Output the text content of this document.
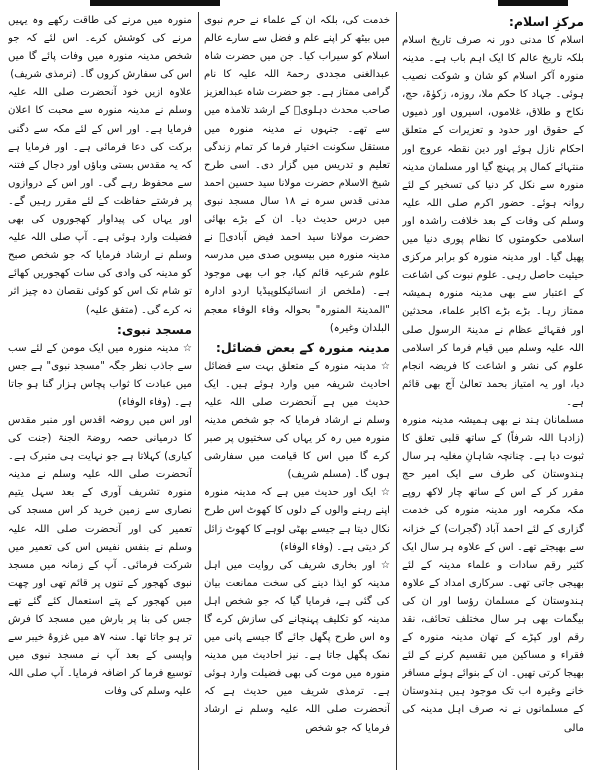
مرکزِ اسلام:

اسلام کا مدنی دور نہ صرف تاریخ اسلام بلکہ تاریخ عالم کا ایک اہم باب ہے۔ مدینہ منورہ آکر اسلام کو شان و شوکت نصیب ہوئی۔ جہاد کا حکم ملا، روزہ، زکوٰۃ، حج، نکاح و طلاق، غلاموں، اسیروں اور ذمیوں کے حقوق اور حدود و تعزیرات کے متعلق احکام نازل ہوئے اور دین نقطہ عروج اور منتہائے کمال پر پہنچ گیا اور مسلمان مدینہ منورہ سے نکل کر دنیا کی تسخیر کے لئے روانہ ہوئے۔ حضور اکرم صلی اللہ علیہ وسلم کی وفات کے بعد خلافت راشدہ اور اسلامی حکومتوں کا نظام پوری دنیا میں پھیل گیا۔ اور مدینہ منورہ کو برابر مرکزی حیثیت حاصل رہی۔ علوم نبوت کی اشاعت کے اعتبار سے بھی مدینہ منورہ ہمیشہ ممتاز رہا۔ بڑے بڑے اکابر علماء، محدثین اور فقہائے عظام نے مدینۃ الرسول صلی اللہ علیہ وسلم میں قیام فرما کر اسلامی علوم کی نشر و اشاعت کا فریضہ انجام دیا، اور یہ امتیاز بحمد تعالیٰ آج بھی قائم ہے۔

مسلمانان ہند نے بھی ہمیشہ مدینہ منورہ (زادہا اللہ شرفاً) کے ساتھ قلبی تعلق کا ثبوت دیا ہے۔ چنانچہ شاہانِ مغلیہ ہر سال ہندوستان کی طرف سے ایک امیر حج مقرر کر کے اس کے ساتھ چار لاکھ روپے مکہ مکرمہ اور مدینہ منورہ کی خدمت گزاری کے لئے احمد آباد (گجرات) کے خزانہ سے بھیجتے تھے۔ اس کے علاوہ ہر سال ایک کثیر رقم سادات و علماء مدینہ کے لئے بھیجی جاتی تھی۔ سرکاری امداد کے علاوہ ہندوستان کے مسلمان رؤسا اور ان کی بیگمات بھی ہر سال مختلف تحائف، نقد رقم اور کپڑے کے تھان مدینہ منورہ کے فقراء و مساکین میں تقسیم کرنے کے لئے بھیجا کرتی تھیں۔ ان کے بنوائے ہوئے مسافر خانے وغیرہ اب تک موجود ہیں ہندوستان کے مسلمانوں نے نہ صرف اہل مدینہ کی مالی

خدمت کی، بلکہ ان کے علماء نے حرم نبوی میں بیٹھ کر اپنے علم و فضل سے سارے عالم اسلام کو سیراب کیا۔ جن میں حضرت شاہ عبدالغنی مجددی رحمۃ اللہ علیہ کا نام گرامی ممتاز ہے۔ جو حضرت شاہ عبدالعزیز صاحب محدث دہلویؒ کے ارشد تلامذہ میں سے تھے۔ جنہوں نے مدینہ منورہ میں مستقل سکونت اختیار فرما کر تمام زندگی تعلیم و تدریس میں گزار دی۔ اسی طرح شیخ الاسلام حضرت مولانا سید حسین احمد مدنی قدس سرہ نے ۱۸ سال مسجد نبوی میں درس حدیث دیا۔ ان کے بڑے بھائی حضرت مولانا سید احمد فیض آبادیؒ نے مدینہ منورہ میں بیسویں صدی میں مدرسہ علوم شرعیہ قائم کیا، جو اب بھی موجود ہے۔ (ملخص از انسائیکلوپیڈیا اردو ادارہ "المدینۃ المنورہ" بحوالہ وفاء الوفاء معجم البلدان وغیرہ)

مدینہ منورہ کے بعض فضائل:

☆ مدینہ منورہ کے متعلق بہت سے فضائل احادیث شریفہ میں وارد ہوئے ہیں۔ ایک حدیث میں ہے آنحضرت صلی اللہ علیہ وسلم نے ارشاد فرمایا کہ جو شخص مدینہ منورہ میں رہ کر یہاں کی سختیوں پر صبر کرے گا میں اس کا قیامت میں سفارشی ہوں گا۔ (مسلم شریف)

☆ ایک اور حدیث میں ہے کہ مدینہ منورہ اپنے رہنے والوں کے دلوں کا کھوٹ اس طرح نکال دیتا ہے جیسے بھٹی لوہے کا کھوٹ زائل کر دیتی ہے۔ (وفاء الوفاء)

☆ اور بخاری شریف کی روایت میں اہل مدینہ کو ایذا دینے کی سخت ممانعت بیان کی گئی ہے، فرمایا گیا کہ جو شخص اہل مدینہ کو تکلیف پہنچانے کی سازش کرے گا وہ اس طرح پگھل جائے گا جیسے پانی میں نمک پگھل جاتا ہے۔ نیز احادیث میں مدینہ منورہ میں موت کی بھی فضیلت وارد ہوئی ہے۔ ترمذی شریف میں حدیث ہے کہ آنحضرت صلی اللہ علیہ وسلم نے ارشاد فرمایا کہ جو شخص

منورہ میں مرنے کی طاقت رکھے وہ یہیں مرنے کی کوشش کرے۔ اس لئے کہ جو شخص مدینہ منورہ میں وفات پائے گا میں اس کی سفارش کروں گا۔ (ترمذی شریف)

علاوہ ازیں خود آنحضرت صلی اللہ علیہ وسلم نے مدینہ منورہ سے محبت کا اعلان فرمایا ہے۔ اور اس کے لئے مکہ سے دگنی برکت کی دعا فرمائی ہے۔ اور فرمایا ہے کہ یہ مقدس بستی وباؤں اور دجال کے فتنہ سے محفوظ رہے گی۔ اور اس کے دروازوں پر فرشتے حفاظت کے لئے مقرر رہیں گے۔ اور یہاں کی پیداوار کھجوروں کی بھی فضیلت وارد ہوئی ہے۔ آپ صلی اللہ علیہ وسلم نے ارشاد فرمایا کہ جو شخص صبح کو مدینہ کی وادی کی سات کھجوریں کھائے تو شام تک اس کو کوئی نقصان دہ چیز اثر نہ کرے گی۔ (متفق علیہ)

مسجد نبوی:

☆ مدینہ منورہ میں ایک مومن کے لئے سب سے جاذب نظر جگہ "مسجد نبوی" ہے جس میں عبادت کا ثواب پچاس ہزار گنا ہو جاتا ہے۔ (وفاء الوفاء)

اور اس میں روضہ اقدس اور منبر مقدس کا درمیانی حصہ روضۃ الجنۃ (جنت کی کیاری) کہلاتا ہے جو نہایت ہی متبرک ہے۔ آنحضرت صلی اللہ علیہ وسلم نے مدینہ منورہ تشریف آوری کے بعد سہل یتیم نصاری سے زمین خرید کر اس مسجد کی تعمیر کی اور آنحضرت صلی اللہ علیہ وسلم نے بنفس نفیس اس کی تعمیر میں شرکت فرمائی۔ آپ کے زمانہ میں مسجد نبوی کھجور کے تنوں پر قائم تھی اور چھت میں کھجور کے پتے استعمال کئے گئے تھے جس کی بنا پر بارش میں مسجد کا فرش تر ہو جاتا تھا۔ سنہ ۷ھ میں غزوۂ خیبر سے واپسی کے بعد آپ نے مسجد نبوی میں توسیع فرما کر اضافہ فرمایا۔ آپ صلی اللہ علیہ وسلم کی وفات
